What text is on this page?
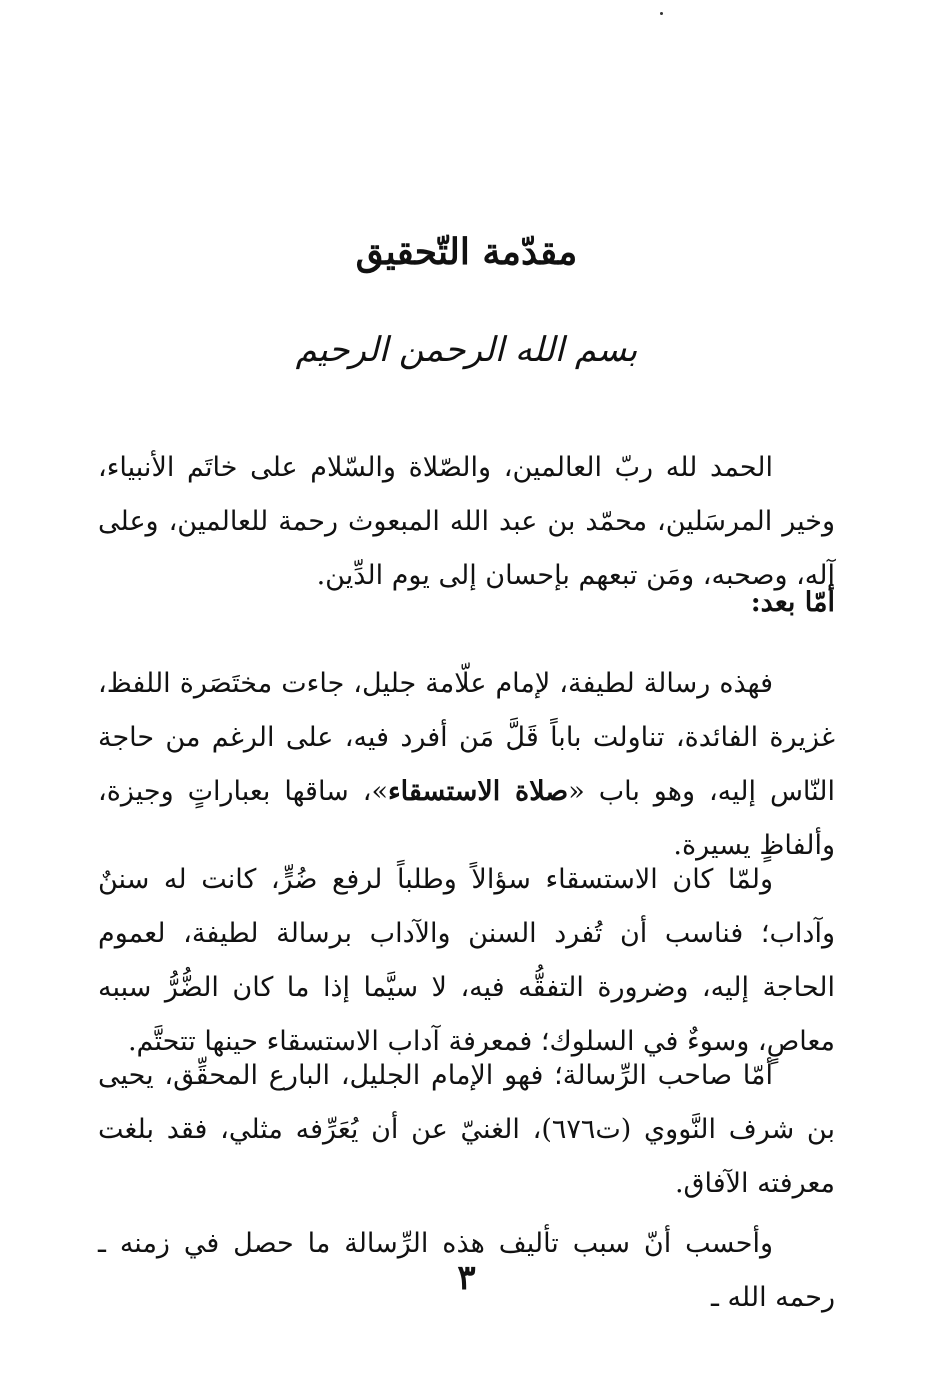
مقدّمة التّحقيق
بسم الله الرحمن الرحيم

الحمد لله ربّ العالمين، والصّلاة والسّلام على خاتَم الأنبياء، وخير المرسَلين، محمّد بن عبد الله المبعوث رحمة للعالمين، وعلى آله، وصحبه، ومَن تبعهم بإحسان إلى يوم الدِّين.

أمّا بعد:

فهذه رسالة لطيفة، لإمام علّامة جليل، جاءت مختَصَرة اللفظ، غزيرة الفائدة، تناولت باباً قَلَّ مَن أفرد فيه، على الرغم من حاجة النّاس إليه، وهو باب «صلاة الاستسقاء»، ساقها بعباراتٍ وجيزة، وألفاظٍ يسيرة.

ولمّا كان الاستسقاء سؤالاً وطلباً لرفع ضُرٍّ، كانت له سننٌ وآداب؛ فناسب أن تُفرد السنن والآداب برسالة لطيفة، لعموم الحاجة إليه، وضرورة التفقُّه فيه، لا سيَّما إذا ما كان الضُّرُّ سببه معاصٍ، وسوءٌ في السلوك؛ فمعرفة آداب الاستسقاء حينها تتحتَّم.

أمّا صاحب الرِّسالة؛ فهو الإمام الجليل، البارع المحقِّق، يحيى بن شرف النَّووي (ت٦٧٦)، الغنيّ عن أن يُعَرِّفه مثلي، فقد بلغت معرفته الآفاق.

وأحسب أنّ سبب تأليف هذه الرِّسالة ما حصل في زمنه ـ رحمه الله ـ

٣
